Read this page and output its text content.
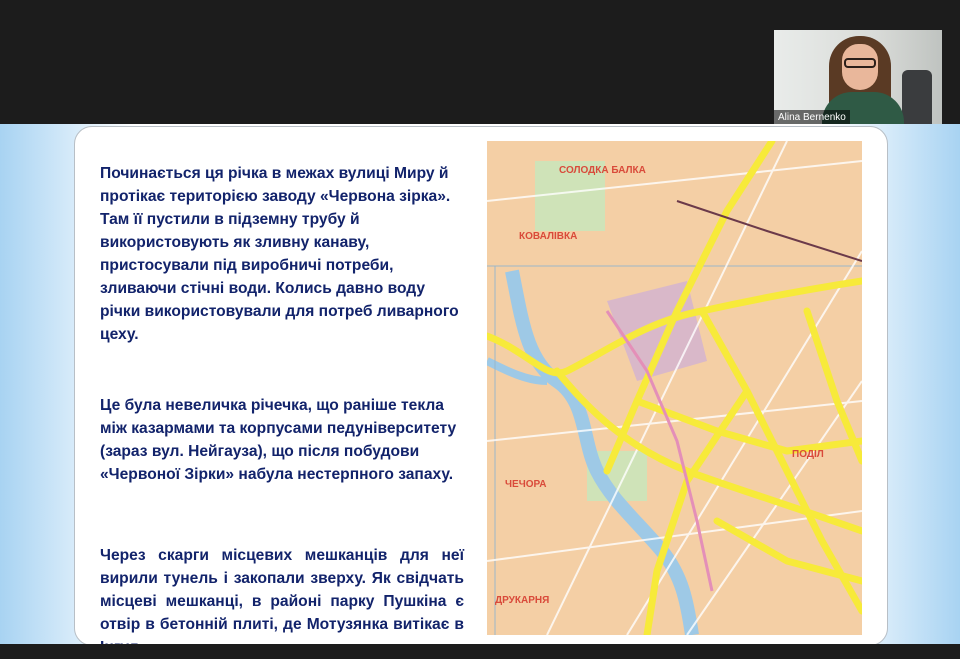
Alina Bernenko

Починається ця річка в межах вулиці Миру й протікає територією заводу «Червона зірка». Там її пустили в підземну трубу й використовують як зливну канаву, пристосували під виробничі потреби, зливаючи стічні води. Колись давно воду річки використовували для потреб ливарного цеху.

Це була невеличка річечка, що раніше текла між казармами та корпусами педуніверситету (зараз вул. Нейгауза), що після побудови «Червоної Зірки» набула нестерпного запаху.

Через скарги місцевих мешканців для неї вирили тунель і закопали зверху. Як свідчать місцеві мешканці, в районі парку Пушкіна є отвір в бетонній плиті, де Мотузянка витікає в

СОЛОДКА БАЛКА
КОВАЛІВКА
ЧЕЧОРА
ДРУКАРНЯ
ПОДІЛ
